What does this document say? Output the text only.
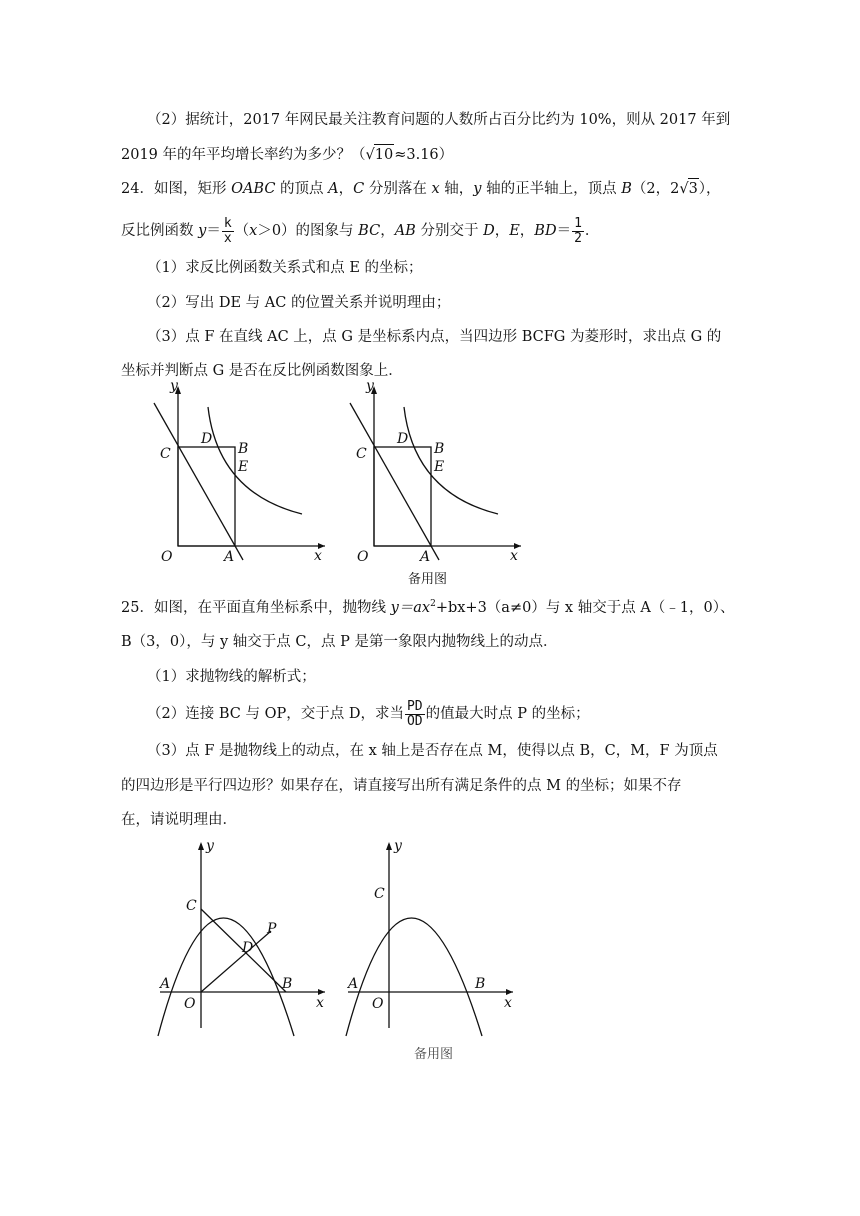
（2）据统计，2017 年网民最关注教育问题的人数所占百分比约为 10%，则从 2017 年到
2019 年的年平均增长率约为多少？（√10≈3.16）
24．如图，矩形 OABC 的顶点 A，C 分别落在 x 轴，y 轴的正半轴上，顶点 B（2，2√3），
反比例函数 $y= \frac{k}{x} (x>0)$的图象与 BC，AB 分别交于 D，E，$BD= \frac{1}{2}$ ．
（1）求反比例函数关系式和点 E 的坐标；
（2）写出 DE 与 AC 的位置关系并说明理由；
（3）点 F 在直线 AC 上，点 G 是坐标系内点，当四边形 BCFG 为菱形时，求出点 G 的
坐标并判断点 G 是否在反比例函数图象上．
y
x
O	A
C
D
B
E
y
x
O	A
C
D
B
E
备用图
25．如图，在平面直角坐标系中，抛物线 $y=ax^2+bx+3(a\ne 0)$与 x 轴交于点 A（﹣1，0）、
B（3，0），与 y 轴交于点 C，点 P 是第一象限内抛物线上的动点．
（1）求抛物线的解析式；
（2）连接 BC 与 OP，交于点 D，求当 $\frac{PD}{OD}$ 的值最大时点 P 的坐标；
（3）点 F 是抛物线上的动点，在 x 轴上是否存在点 M，使得以点 B，C，M，F 为顶点
的四边形是平行四边形？如果存在，请直接写出所有满足条件的点 M 的坐标；如果不存
在，请说明理由．
y
x
C
A
O
B
D
P
y
x
C
A
O
B
备用图
